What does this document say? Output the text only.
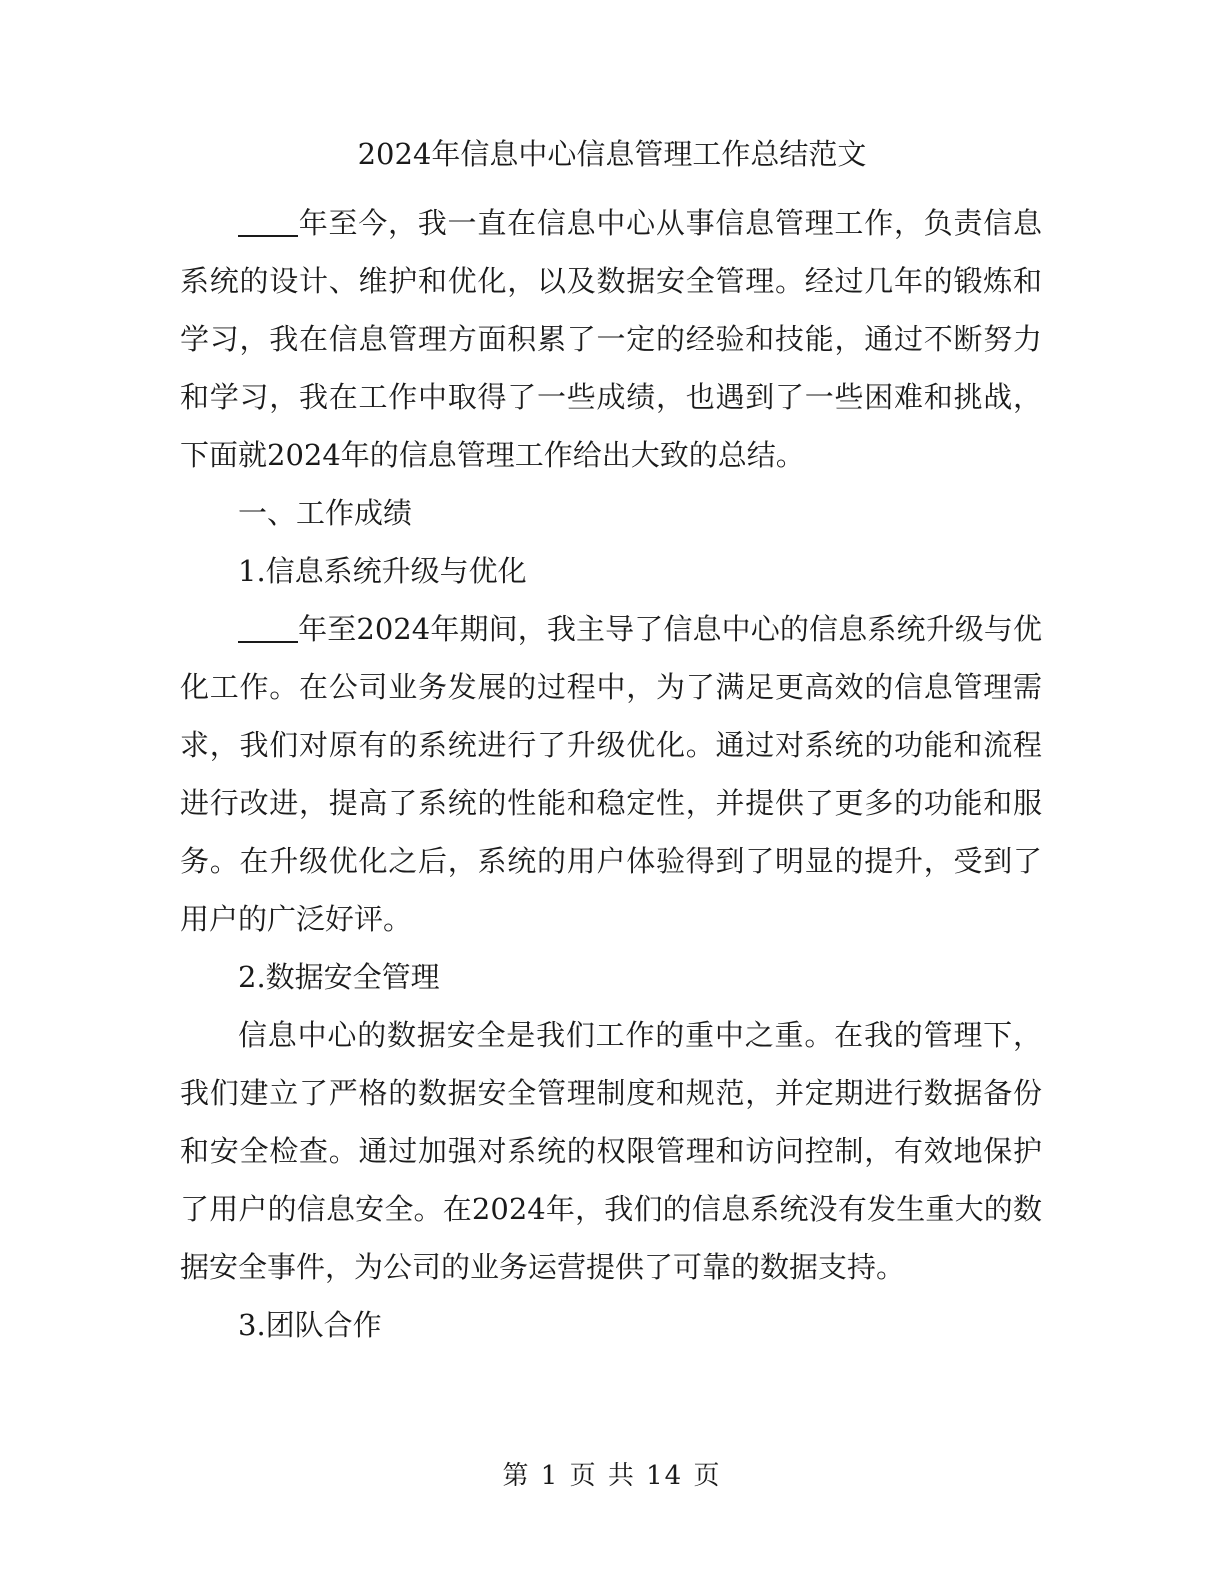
2024年信息中心信息管理工作总结范文

年至今，我一直在信息中心从事信息管理工作，负责信息系统的设计、维护和优化，以及数据安全管理。经过几年的锻炼和学习，我在信息管理方面积累了一定的经验和技能，通过不断努力和学习，我在工作中取得了一些成绩，也遇到了一些困难和挑战，下面就2024年的信息管理工作给出大致的总结。

一、工作成绩

1.信息系统升级与优化

年至2024年期间，我主导了信息中心的信息系统升级与优化工作。在公司业务发展的过程中，为了满足更高效的信息管理需求，我们对原有的系统进行了升级优化。通过对系统的功能和流程进行改进，提高了系统的性能和稳定性，并提供了更多的功能和服务。在升级优化之后，系统的用户体验得到了明显的提升，受到了用户的广泛好评。

2.数据安全管理

信息中心的数据安全是我们工作的重中之重。在我的管理下，我们建立了严格的数据安全管理制度和规范，并定期进行数据备份和安全检查。通过加强对系统的权限管理和访问控制，有效地保护了用户的信息安全。在2024年，我们的信息系统没有发生重大的数据安全事件，为公司的业务运营提供了可靠的数据支持。

3.团队合作

第 1 页 共 14 页
